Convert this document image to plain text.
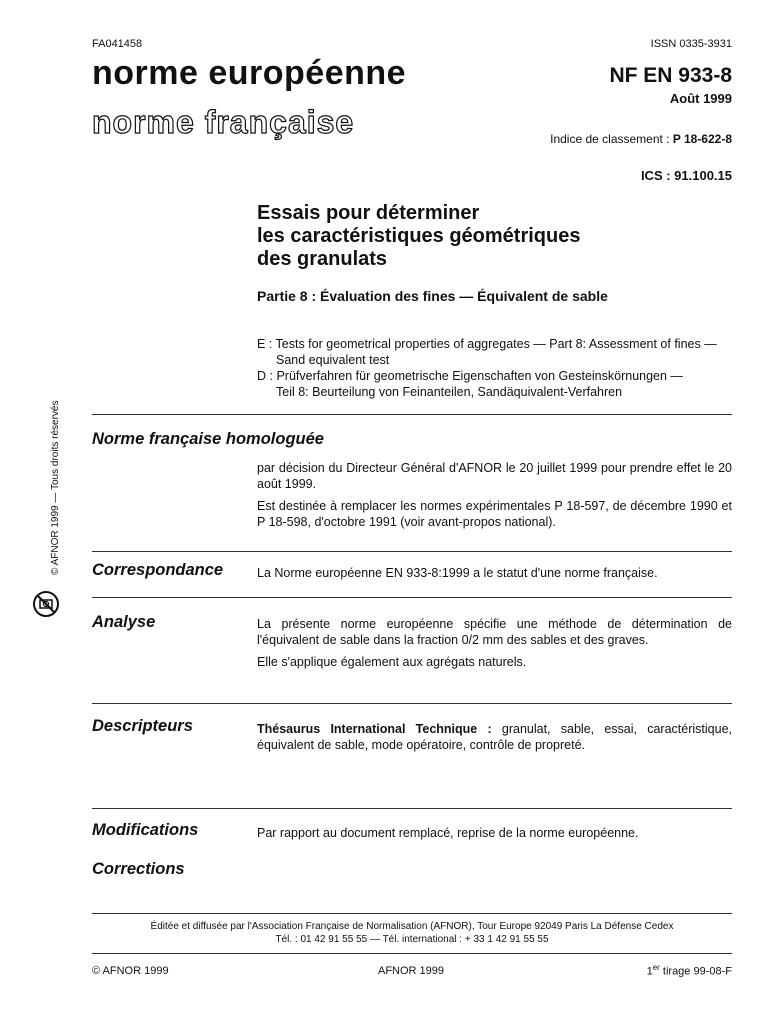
FA041458	ISSN 0335-3931
norme européenne
norme française
NF EN 933-8
Août 1999
Indice de classement : P 18-622-8
ICS : 91.100.15
Essais pour déterminer
les caractéristiques géométriques
des granulats
Partie 8 : Évaluation des fines — Équivalent de sable
E : Tests for geometrical properties of aggregates — Part 8: Assessment of fines —
Sand equivalent test
D : Prüfverfahren für geometrische Eigenschaften von Gesteinskörnungen —
Teil 8: Beurteilung von Feinanteilen, Sandäquivalent-Verfahren
© AFNOR 1999 — Tous droits réservés Norme française homologuée
par décision du Directeur Général d'AFNOR le 20 juillet 1999 pour prendre effet le 20 août 1999.
Est destinée à remplacer les normes expérimentales P 18-597, de décembre 1990 et P 18-598, d'octobre 1991 (voir avant-propos national).
Correspondance	La Norme européenne EN 933-8:1999 a le statut d'une norme française.
Analyse	La présente norme européenne spécifie une méthode de détermination de l'équivalent de sable dans la fraction 0/2 mm des sables et des graves.
Elle s'applique également aux agrégats naturels.
Descripteurs	Thésaurus International Technique : granulat, sable, essai, caractéristique, équivalent de sable, mode opératoire, contrôle de propreté.
Modifications	Par rapport au document remplacé, reprise de la norme européenne.
Corrections
Éditée et diffusée par l'Association Française de Normalisation (AFNOR), Tour Europe 92049 Paris La Défense Cedex
Tél. : 01 42 91 55 55 — Tél. international : + 33 1 42 91 55 55
© AFNOR 1999	AFNOR 1999	1er tirage 99-08-F
